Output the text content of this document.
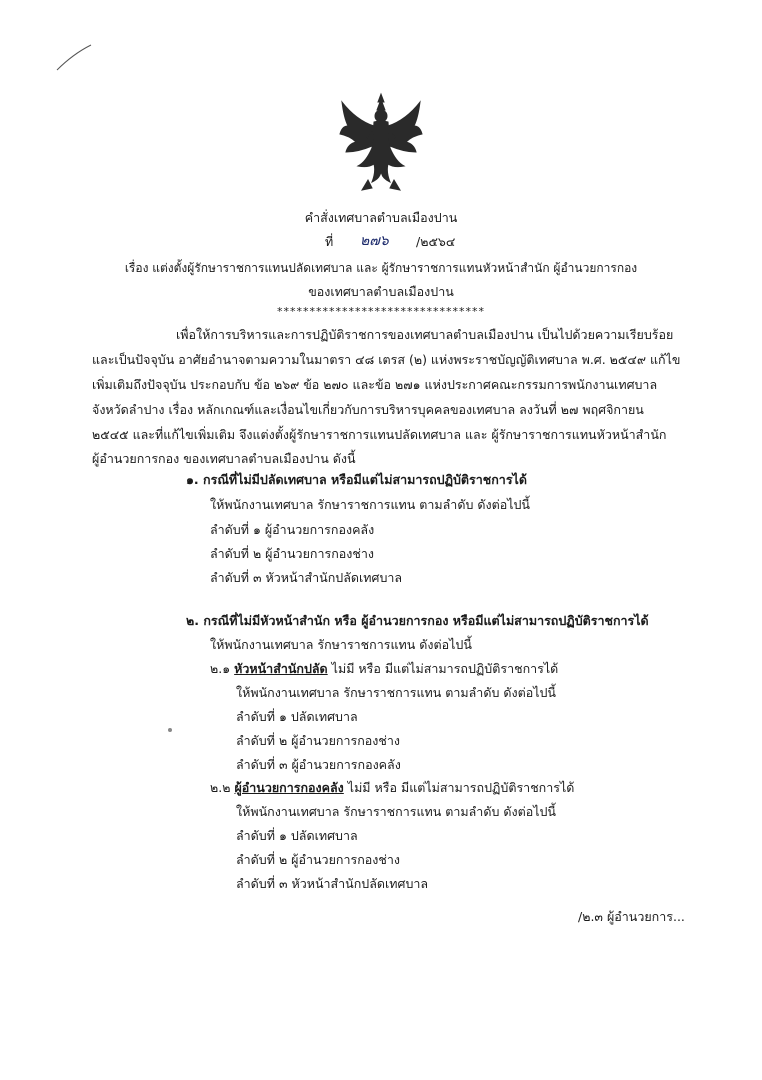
คำสั่งเทศบาลตำบลเมืองปาน
ที่ ๒๗๖ /๒๕๖๔
เรื่อง แต่งตั้งผู้รักษาราชการแทนปลัดเทศบาล และ ผู้รักษาราชการแทนหัวหน้าสำนัก ผู้อำนวยการกอง
ของเทศบาลตำบลเมืองปาน
********************************
เพื่อให้การบริหารและการปฏิบัติราชการของเทศบาลตำบลเมืองปาน เป็นไปด้วยความเรียบร้อย
และเป็นปัจจุบัน อาศัยอำนาจตามความในมาตรา ๔๘ เตรส (๒) แห่งพระราชบัญญัติเทศบาล พ.ศ. ๒๕๔๙ แก้ไข
เพิ่มเติมถึงปัจจุบัน ประกอบกับ ข้อ ๒๖๙ ข้อ ๒๗๐ และข้อ ๒๗๑ แห่งประกาศคณะกรรมการพนักงานเทศบาล
จังหวัดลำปาง เรื่อง หลักเกณฑ์และเงื่อนไขเกี่ยวกับการบริหารบุคคลของเทศบาล ลงวันที่ ๒๗ พฤศจิกายน
๒๕๔๕ และที่แก้ไขเพิ่มเติม จึงแต่งตั้งผู้รักษาราชการแทนปลัดเทศบาล และ ผู้รักษาราชการแทนหัวหน้าสำนัก
ผู้อำนวยการกอง ของเทศบาลตำบลเมืองปาน ดังนี้
๑. กรณีที่ไม่มีปลัดเทศบาล หรือมีแต่ไม่สามารถปฏิบัติราชการได้
ให้พนักงานเทศบาล รักษาราชการแทน ตามลำดับ ดังต่อไปนี้
ลำดับที่ ๑ ผู้อำนวยการกองคลัง
ลำดับที่ ๒ ผู้อำนวยการกองช่าง
ลำดับที่ ๓ หัวหน้าสำนักปลัดเทศบาล
๒. กรณีที่ไม่มีหัวหน้าสำนัก หรือ ผู้อำนวยการกอง หรือมีแต่ไม่สามารถปฏิบัติราชการได้
ให้พนักงานเทศบาล รักษาราชการแทน ดังต่อไปนี้
๒.๑ หัวหน้าสำนักปลัด ไม่มี หรือ มีแต่ไม่สามารถปฏิบัติราชการได้
ให้พนักงานเทศบาล รักษาราชการแทน ตามลำดับ ดังต่อไปนี้
ลำดับที่ ๑ ปลัดเทศบาล
ลำดับที่ ๒ ผู้อำนวยการกองช่าง
ลำดับที่ ๓ ผู้อำนวยการกองคลัง
๒.๒ ผู้อำนวยการกองคลัง ไม่มี หรือ มีแต่ไม่สามารถปฏิบัติราชการได้
ให้พนักงานเทศบาล รักษาราชการแทน ตามลำดับ ดังต่อไปนี้
ลำดับที่ ๑ ปลัดเทศบาล
ลำดับที่ ๒ ผู้อำนวยการกองช่าง
ลำดับที่ ๓ หัวหน้าสำนักปลัดเทศบาล
/๒.๓ ผู้อำนวยการ...
